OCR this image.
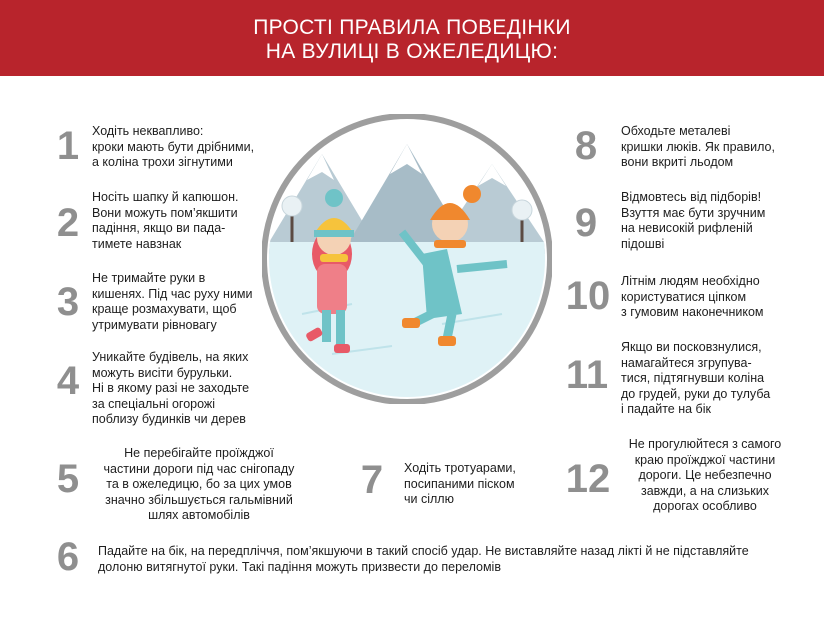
ПРОСТІ ПРАВИЛА ПОВЕДІНКИ
НА ВУЛИЦІ В ОЖЕЛЕДИЦЮ:
1	Ходіть неквапливо:
кроки мають бути дрібними,
а коліна трохи зігнутими
2
Носіть шапку й капюшон.
Вони можуть пом’якшити
падіння, якщо ви пада-
тимете навзнак
3
Не тримайте руки в
кишенях. Під час руху ними
краще розмахувати, щоб
утримувати рівновагу
4
Уникайте будівель, на яких
можуть висіти бурульки.
Ні в якому разі не заходьте
за спеціальні огорожі
поблизу будинків чи дерев
5
Не перебігайте проїжджої
частини дороги під час снігопаду
та в ожеледицю, бо за цих умов
значно збільшується гальмівний
шлях автомобілів
6	Падайте на бік, на передпліччя, пом’якшуючи в такий спосіб удар. Не виставляйте назад лікті й не підставляйте
долоню витягнутої руки. Такі падіння можуть призвести до переломів
7	Ходіть тротуарами,
посипаними піском
чи сіллю
8	Обходьте металеві
кришки люків. Як правило,
вони вкриті льодом
9
Відмовтесь від підборів!
Взуття має бути зручним
на невисокій рифленій
підошві
10 Літнім людям необхідно
користуватися ціпком
з гумовим наконечником
11
Якщо ви посковзнулися,
намагайтеся згрупува-
тися, підтягнувши коліна
до грудей, руки до тулуба
і падайте на бік
12
Не прогулюйтеся з самого
краю проїжджої частини
дороги. Це небезпечно
завжди, а на слизьких
дорогах особливо
